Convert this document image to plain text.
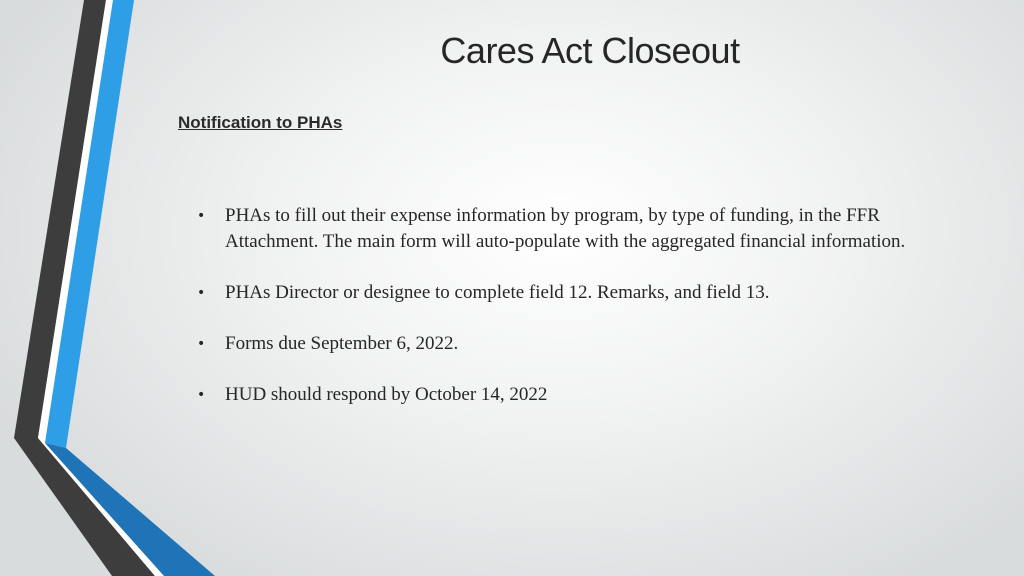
Cares Act Closeout
Notification to PHAs
• PHAs to fill out their expense information by program, by type of funding, in the FFR Attachment. The main form will auto-populate with the aggregated financial information.
• PHAs Director or designee to complete field 12. Remarks, and field 13.
• Forms due September 6, 2022.
• HUD should respond by October 14, 2022
